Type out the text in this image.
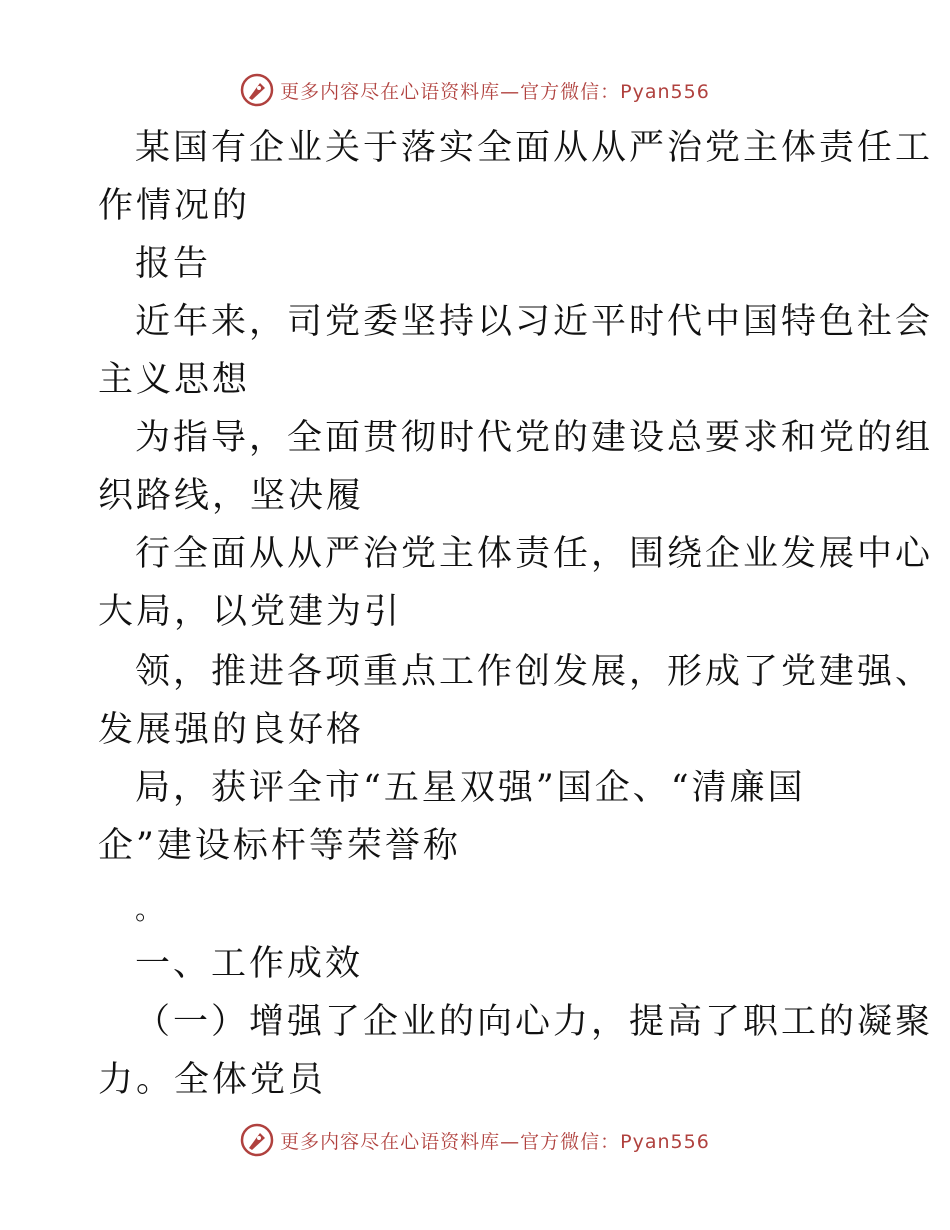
更多内容尽在心语资料库—官方微信：Pyan556
某国有企业关于落实全面从从严治党主体责任工
作情况的
报告
近年来，司党委坚持以习近平时代中国特色社会
主义思想
为指导，全面贯彻时代党的建设总要求和党的组
织路线，坚决履
行全面从从严治党主体责任，围绕企业发展中心
大局，以党建为引
领，推进各项重点工作创发展，形成了党建强、
发展强的良好格
局，获评全市“五星双强”国企、“清廉国
企”建设标杆等荣誉称
。
一、工作成效
（一）增强了企业的向心力，提高了职工的凝聚
力。全体党员
更多内容尽在心语资料库—官方微信：Pyan556
